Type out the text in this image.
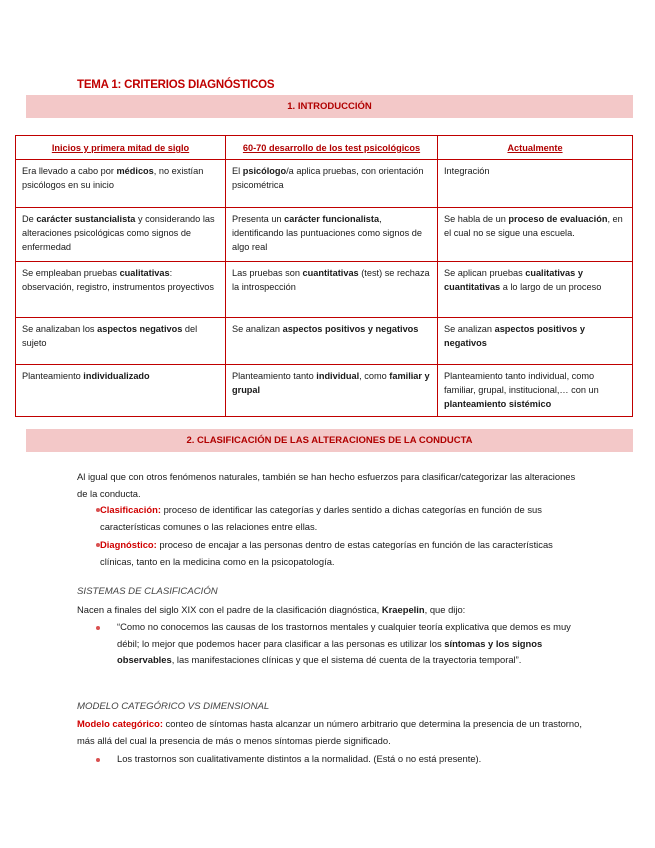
TEMA 1: CRITERIOS DIAGNÓSTICOS
1. INTRODUCCIÓN
Inicios y primera mitad de siglo	60-70 desarrollo de los test psicológicos	Actualmente
Era llevado a cabo por médicos, no existían psicólogos en su inicio	El psicólogo/a aplica pruebas, con orientación psicométrica	Integración
De carácter sustancialista y considerando las alteraciones psicológicas como signos de enfermedad	Presenta un carácter funcionalista, identificando las puntuaciones como signos de algo real	Se habla de un proceso de evaluación, en el cual no se sigue una escuela.
Se empleaban pruebas cualitativas: observación, registro, instrumentos proyectivos	Las pruebas son cuantitativas (test) se rechaza la introspección	Se aplican pruebas cualitativas y cuantitativas a lo largo de un proceso
Se analizaban los aspectos negativos del sujeto	Se analizan aspectos positivos y negativos	Se analizan aspectos positivos y negativos
Planteamiento individualizado	Planteamiento tanto individual, como familiar y grupal	Planteamiento tanto individual, como familiar, grupal, institucional,… con un planteamiento sistémico
2. CLASIFICACIÓN DE LAS ALTERACIONES DE LA CONDUCTA
Al igual que con otros fenómenos naturales, también se han hecho esfuerzos para clasificar/categorizar las alteraciones de la conducta.
Clasificación: proceso de identificar las categorías y darles sentido a dichas categorías en función de sus características comunes o las relaciones entre ellas.
Diagnóstico: proceso de encajar a las personas dentro de estas categorías en función de las características clínicas, tanto en la medicina como en la psicopatología.
SISTEMAS DE CLASIFICACIÓN
Nacen a finales del siglo XIX con el padre de la clasificación diagnóstica, Kraepelin, que dijo:
“Como no conocemos las causas de los trastornos mentales y cualquier teoría explicativa que demos es muy débil; lo mejor que podemos hacer para clasificar a las personas es utilizar los síntomas y los signos observables, las manifestaciones clínicas y que el sistema dé cuenta de la trayectoria temporal”.
MODELO CATEGÓRICO VS DIMENSIONAL
Modelo categórico: conteo de síntomas hasta alcanzar un número arbitrario que determina la presencia de un trastorno, más allá del cual la presencia de más o menos síntomas pierde significado.
Los trastornos son cualitativamente distintos a la normalidad. (Está o no está presente).
